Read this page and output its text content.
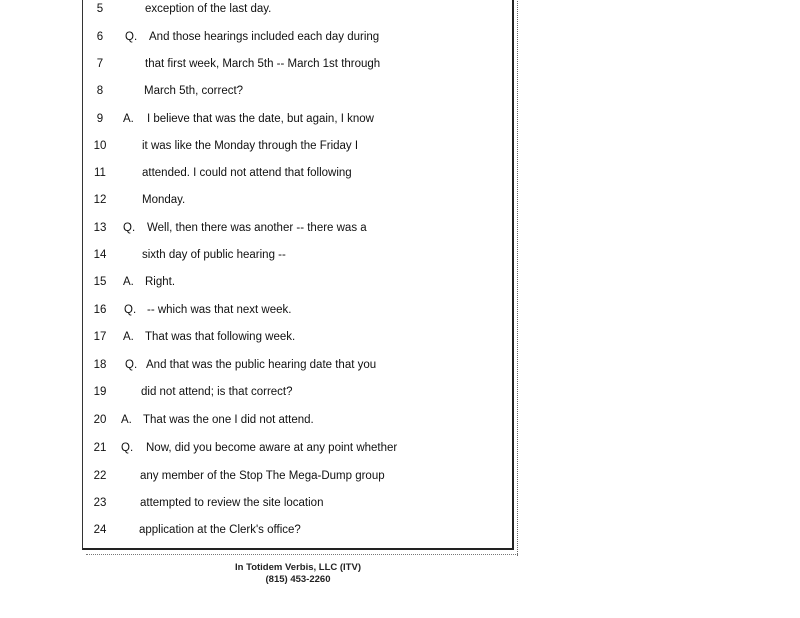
5	exception of the last day.
6	Q. And those hearings included each day during
7	that first week, March 5th -- March 1st through
8	March 5th, correct?
9	A. I believe that was the date, but again, I know
10	it was like the Monday through the Friday I
11	attended. I could not attend that following
12	Monday.
13	Q. Well, then there was another -- there was a
14	sixth day of public hearing --
15	A. Right.
16	Q. -- which was that next week.
17	A. That was that following week.
18	Q. And that was the public hearing date that you
19	did not attend; is that correct?
20	A. That was the one I did not attend.
21	Q. Now, did you become aware at any point whether
22	any member of the Stop The Mega-Dump group
23	attempted to review the site location
24	application at the Clerk's office?
In Totidem Verbis, LLC (ITV)
(815) 453-2260
